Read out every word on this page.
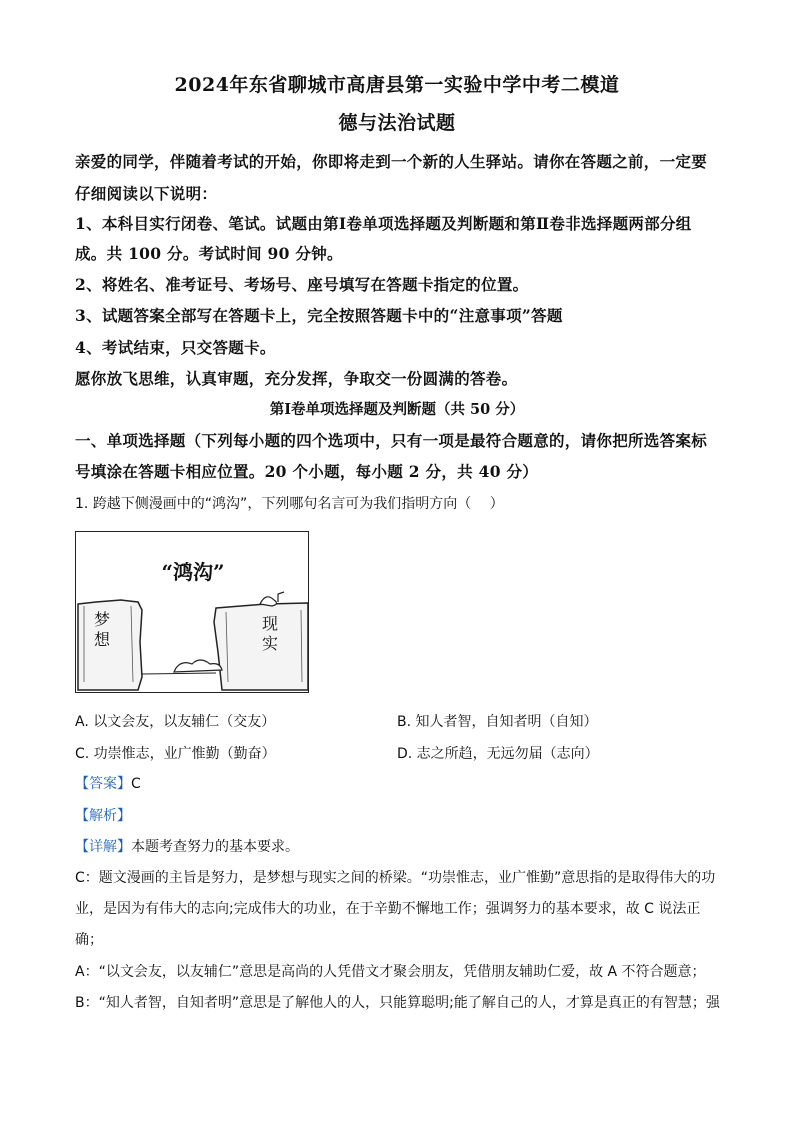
2024年东省聊城市高唐县第一实验中学中考二模道
德与法治试题
亲爱的同学，伴随着考试的开始，你即将走到一个新的人生驿站。请你在答题之前，一定要
仔细阅读以下说明：
1、本科目实行闭卷、笔试。试题由第Ⅰ卷单项选择题及判断题和第Ⅱ卷非选择题两部分组
成。共 100 分。考试时间 90 分钟。
2、将姓名、准考证号、考场号、座号填写在答题卡指定的位置。
3、试题答案全部写在答题卡上，完全按照答题卡中的“注意事项”答题
4、考试结束，只交答题卡。
愿你放飞思维，认真审题，充分发挥，争取交一份圆满的答卷。
第Ⅰ卷单项选择题及判断题（共 50 分）
一、单项选择题（下列每小题的四个选项中，只有一项是最符合题意的，请你把所选答案标
号填涂在答题卡相应位置。20 个小题，每小题 2 分，共 40 分）
1. 跨越下侧漫画中的“鸿沟”，下列哪句名言可为我们指明方向（　 ）
“鸿沟”
梦
想
现
实
A. 以文会友，以友辅仁（交友）	B. 知人者智，自知者明（自知）
C. 功崇惟志，业广惟勤（勤奋）	D. 志之所趋，无远勿届（志向）
【答案】C
【解析】
【详解】本题考查努力的基本要求。
C：题文漫画的主旨是努力，是梦想与现实之间的桥梁。“功崇惟志，业广惟勤”意思指的是取得伟大的功
业，是因为有伟大的志向;完成伟大的功业，在于辛勤不懈地工作；强调努力的基本要求，故 C 说法正
确；
A：“以文会友，以友辅仁”意思是高尚的人凭借文才聚会朋友，凭借朋友辅助仁爱，故 A 不符合题意；
B：“知人者智，自知者明”意思是了解他人的人，只能算聪明;能了解自己的人，才算是真正的有智慧；强
